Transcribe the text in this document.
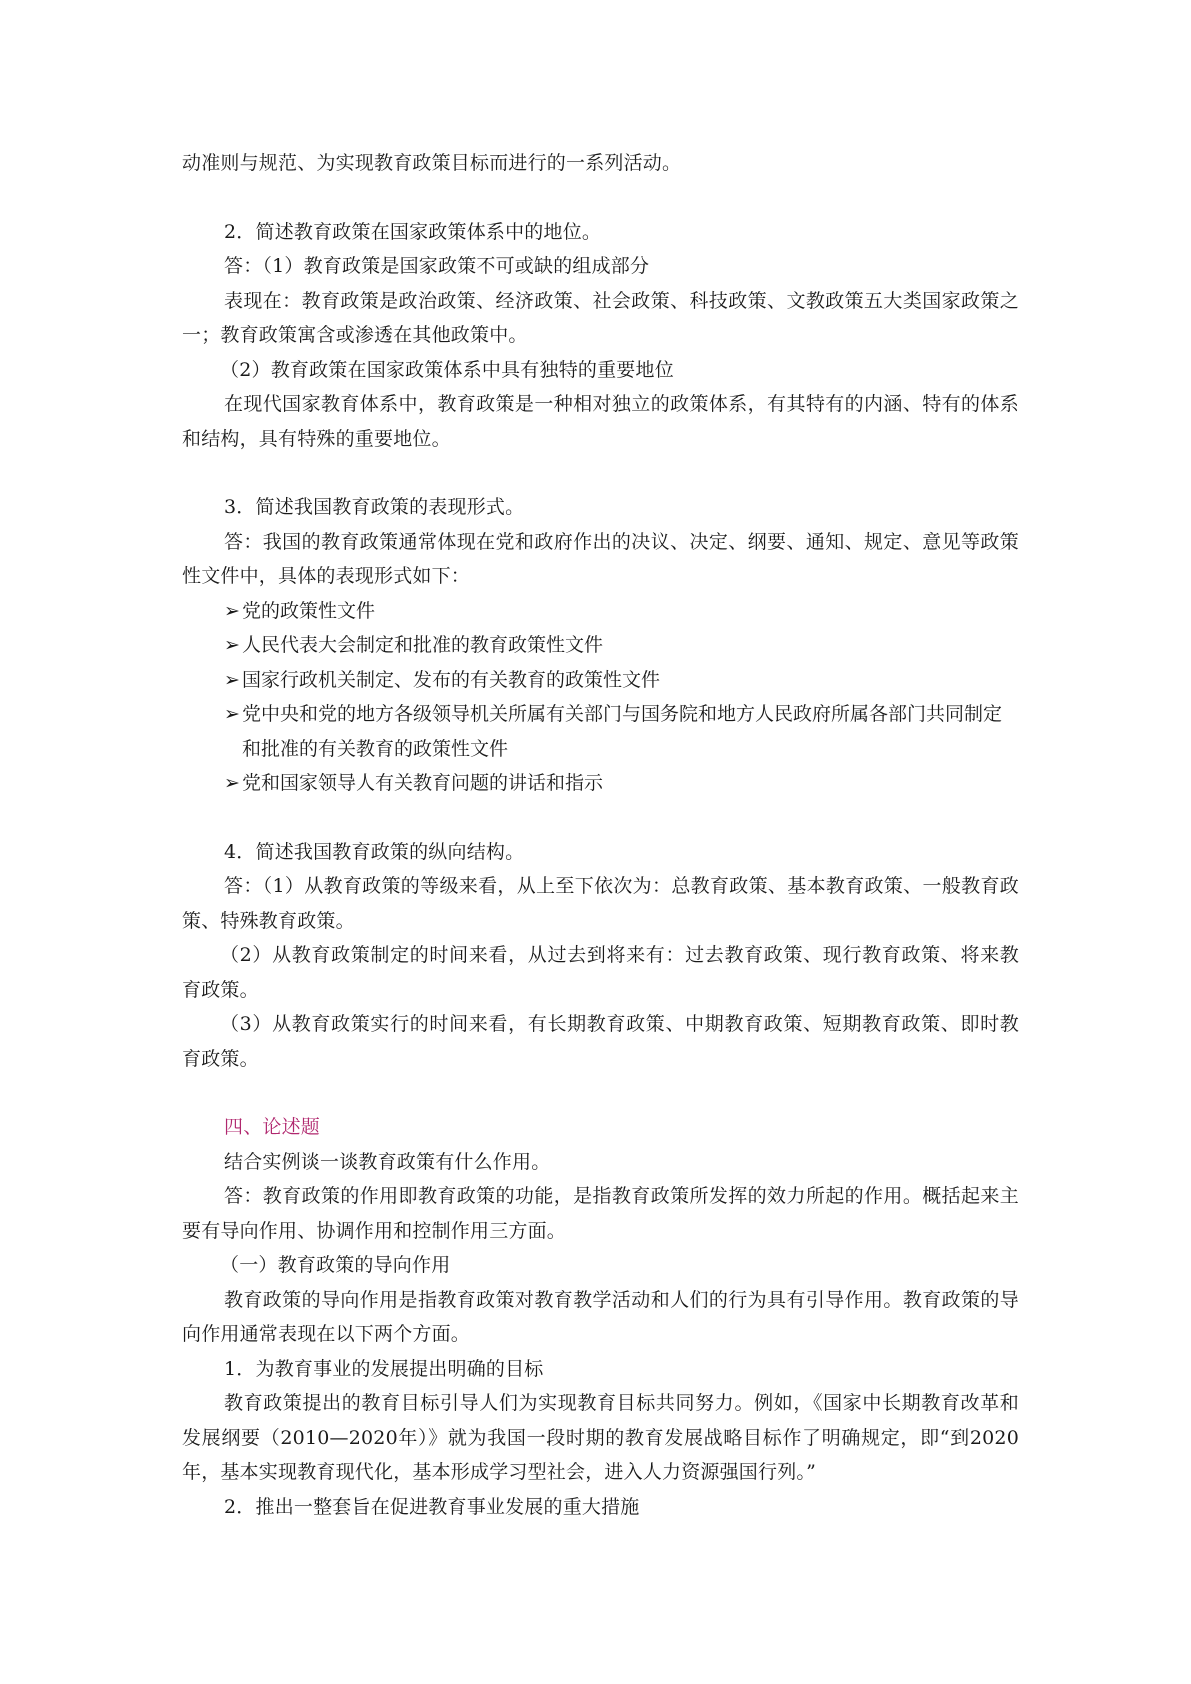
动准则与规范、为实现教育政策目标而进行的一系列活动。

2．简述教育政策在国家政策体系中的地位。

答：（1）教育政策是国家政策不可或缺的组成部分

表现在：教育政策是政治政策、经济政策、社会政策、科技政策、文教政策五大类国家政策之一；教育政策寓含或渗透在其他政策中。

（2）教育政策在国家政策体系中具有独特的重要地位

在现代国家教育体系中，教育政策是一种相对独立的政策体系，有其特有的内涵、特有的体系和结构，具有特殊的重要地位。

3．简述我国教育政策的表现形式。

答：我国的教育政策通常体现在党和政府作出的决议、决定、纲要、通知、规定、意见等政策性文件中，具体的表现形式如下：

➢ 党的政策性文件
➢ 人民代表大会制定和批准的教育政策性文件
➢ 国家行政机关制定、发布的有关教育的政策性文件
➢ 党中央和党的地方各级领导机关所属有关部门与国务院和地方人民政府所属各部门共同制定和批准的有关教育的政策性文件
➢ 党和国家领导人有关教育问题的讲话和指示

4．简述我国教育政策的纵向结构。

答：（1）从教育政策的等级来看，从上至下依次为：总教育政策、基本教育政策、一般教育政策、特殊教育政策。

（2）从教育政策制定的时间来看，从过去到将来有：过去教育政策、现行教育政策、将来教育政策。

（3）从教育政策实行的时间来看，有长期教育政策、中期教育政策、短期教育政策、即时教育政策。

四、论述题

结合实例谈一谈教育政策有什么作用。

答：教育政策的作用即教育政策的功能，是指教育政策所发挥的效力所起的作用。概括起来主要有导向作用、协调作用和控制作用三方面。

（一）教育政策的导向作用

教育政策的导向作用是指教育政策对教育教学活动和人们的行为具有引导作用。教育政策的导向作用通常表现在以下两个方面。

1．为教育事业的发展提出明确的目标

教育政策提出的教育目标引导人们为实现教育目标共同努力。例如，《国家中长期教育改革和发展纲要（2010—2020年）》就为我国一段时期的教育发展战略目标作了明确规定，即“到2020年，基本实现教育现代化，基本形成学习型社会，进入人力资源强国行列。”

2．推出一整套旨在促进教育事业发展的重大措施
